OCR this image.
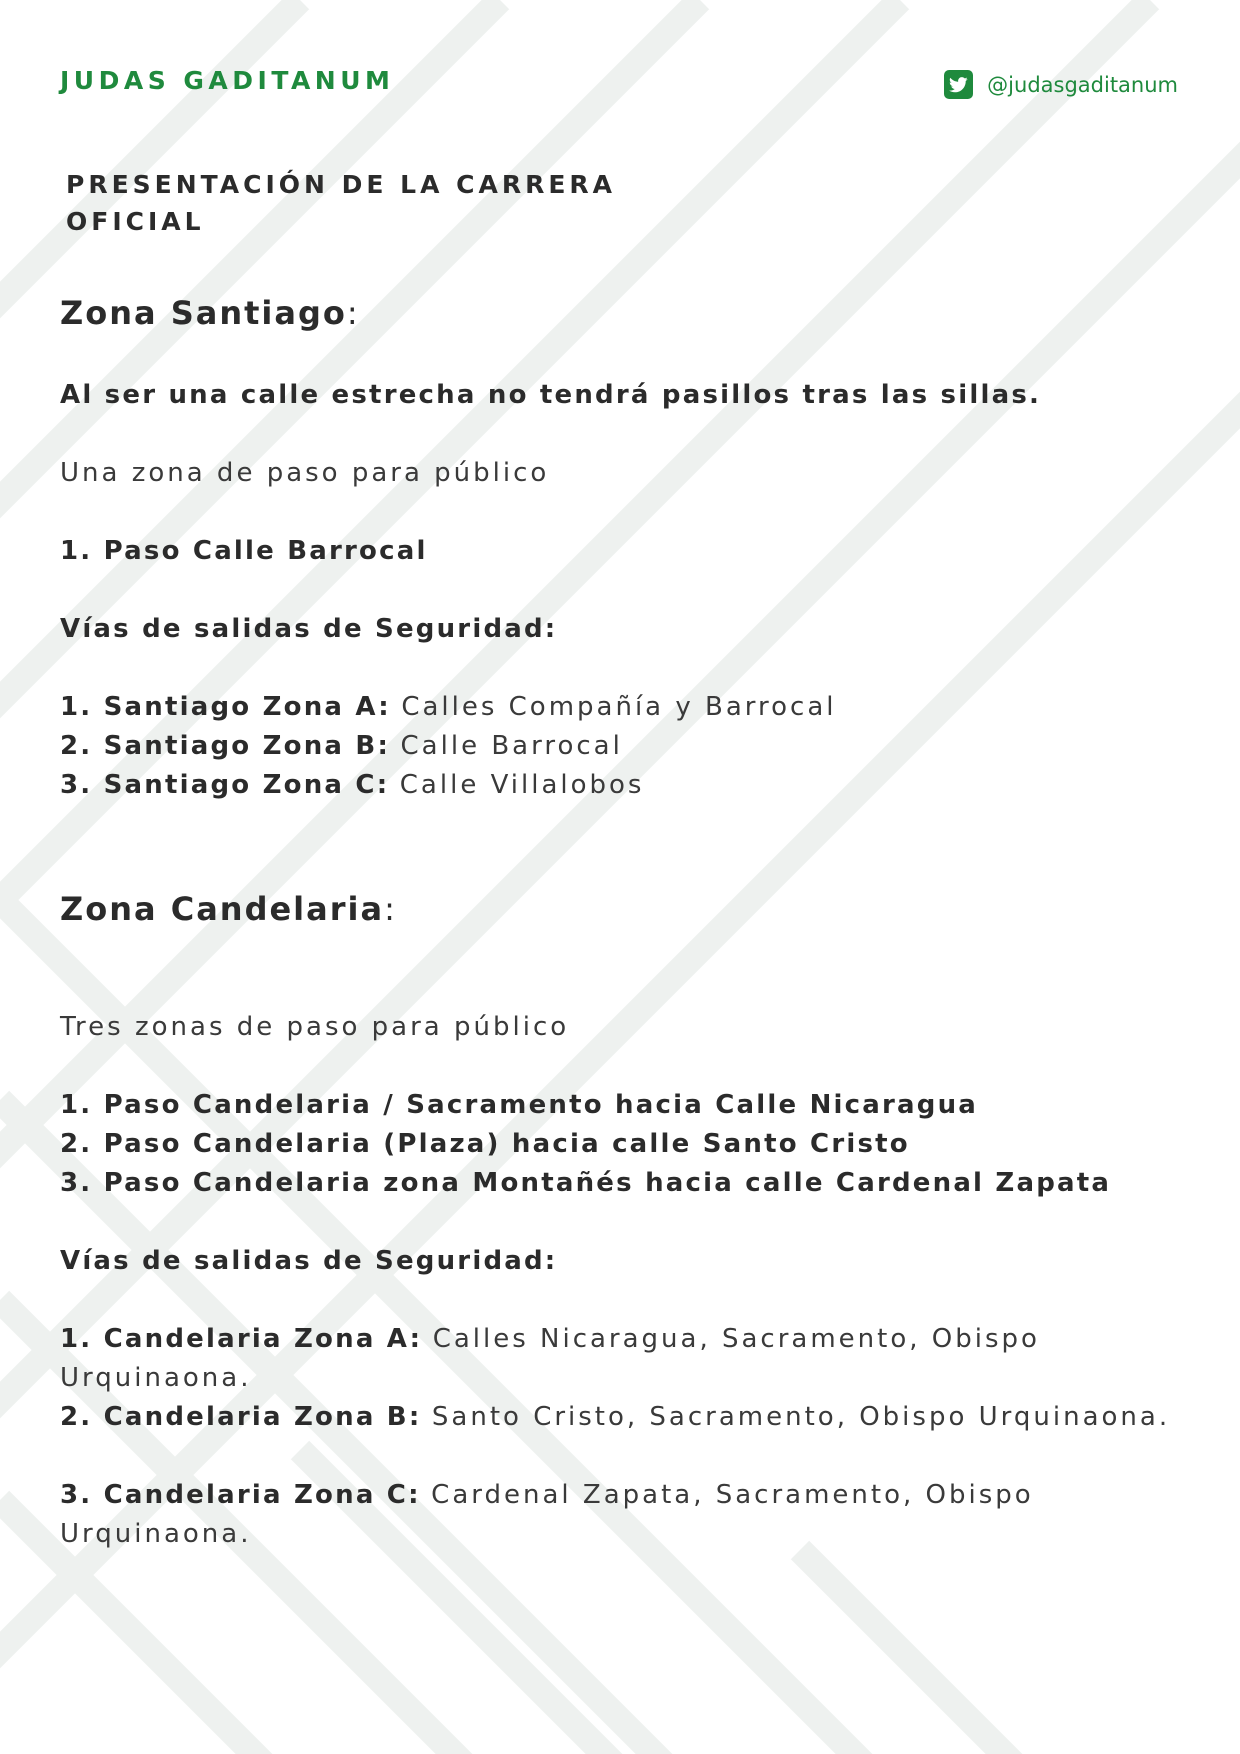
JUDAS GADITANUM	@judasgaditanum
PRESENTACIÓN DE LA CARRERA OFICIAL
Zona Santiago:

Al ser una calle estrecha no tendrá pasillos tras las sillas.

Una zona de paso para público

1. Paso Calle Barrocal

Vías de salidas de Seguridad:

1. Santiago Zona A: Calles Compañía y Barrocal

2. Santiago Zona B: Calle Barrocal

3. Santiago Zona C: Calle Villalobos

Zona Candelaria:

Tres zonas de paso para público

1. Paso Candelaria / Sacramento hacia Calle Nicaragua

2. Paso Candelaria (Plaza) hacia calle Santo Cristo

3. Paso Candelaria zona Montañés hacia calle Cardenal Zapata

Vías de salidas de Seguridad:

1. Candelaria Zona A: Calles Nicaragua, Sacramento, Obispo Urquinaona.

2. Candelaria Zona B: Santo Cristo, Sacramento, Obispo Urquinaona.

3. Candelaria Zona C: Cardenal Zapata, Sacramento, Obispo Urquinaona.
